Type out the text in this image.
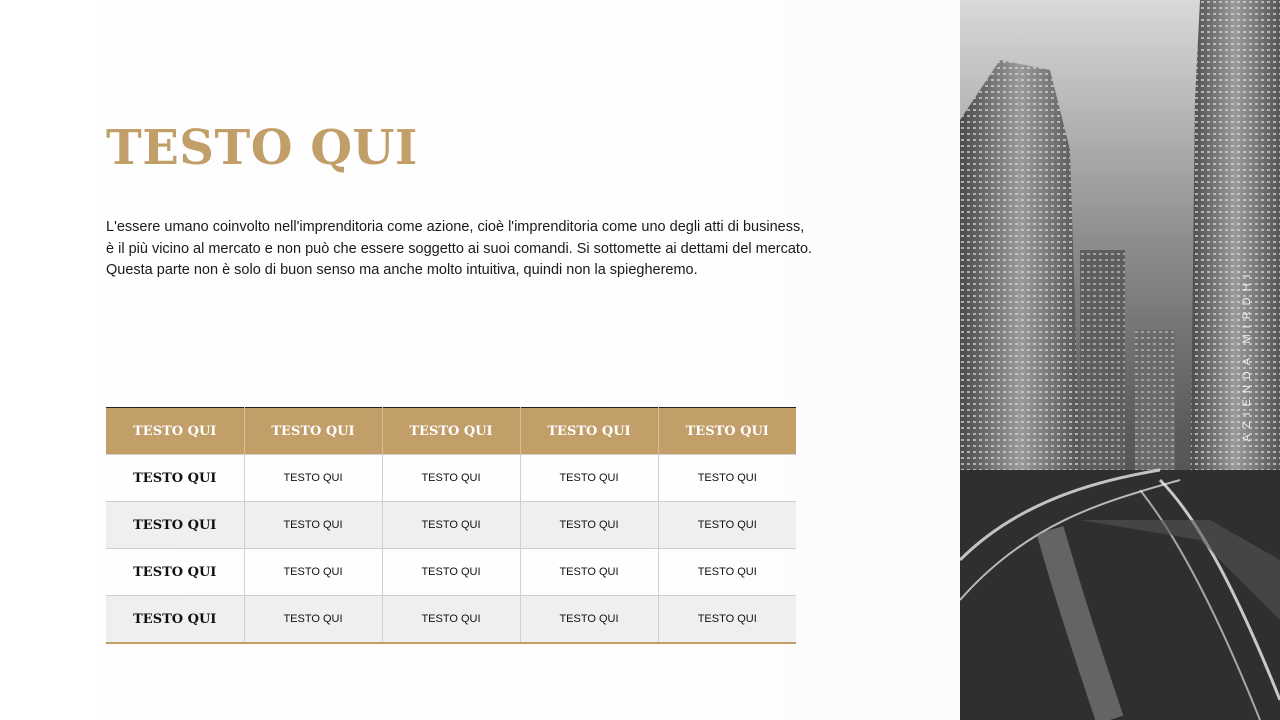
TESTO QUI
L'essere umano coinvolto nell'imprenditoria come azione, cioè l'imprenditoria come uno degli atti di business, è il più vicino al mercato e non può che essere soggetto ai suoi comandi. Si sottomette ai dettami del mercato. Questa parte non è solo di buon senso ma anche molto intuitiva, quindi non la spiegheremo.
TESTO QUI	TESTO QUI	TESTO QUI	TESTO QUI	TESTO QUI
TESTO QUI	TESTO QUI	TESTO QUI	TESTO QUI	TESTO QUI
TESTO QUI	TESTO QUI	TESTO QUI	TESTO QUI	TESTO QUI
TESTO QUI	TESTO QUI	TESTO QUI	TESTO QUI	TESTO QUI
TESTO QUI	TESTO QUI	TESTO QUI	TESTO QUI	TESTO QUI
AZIENDA MIRDHI
